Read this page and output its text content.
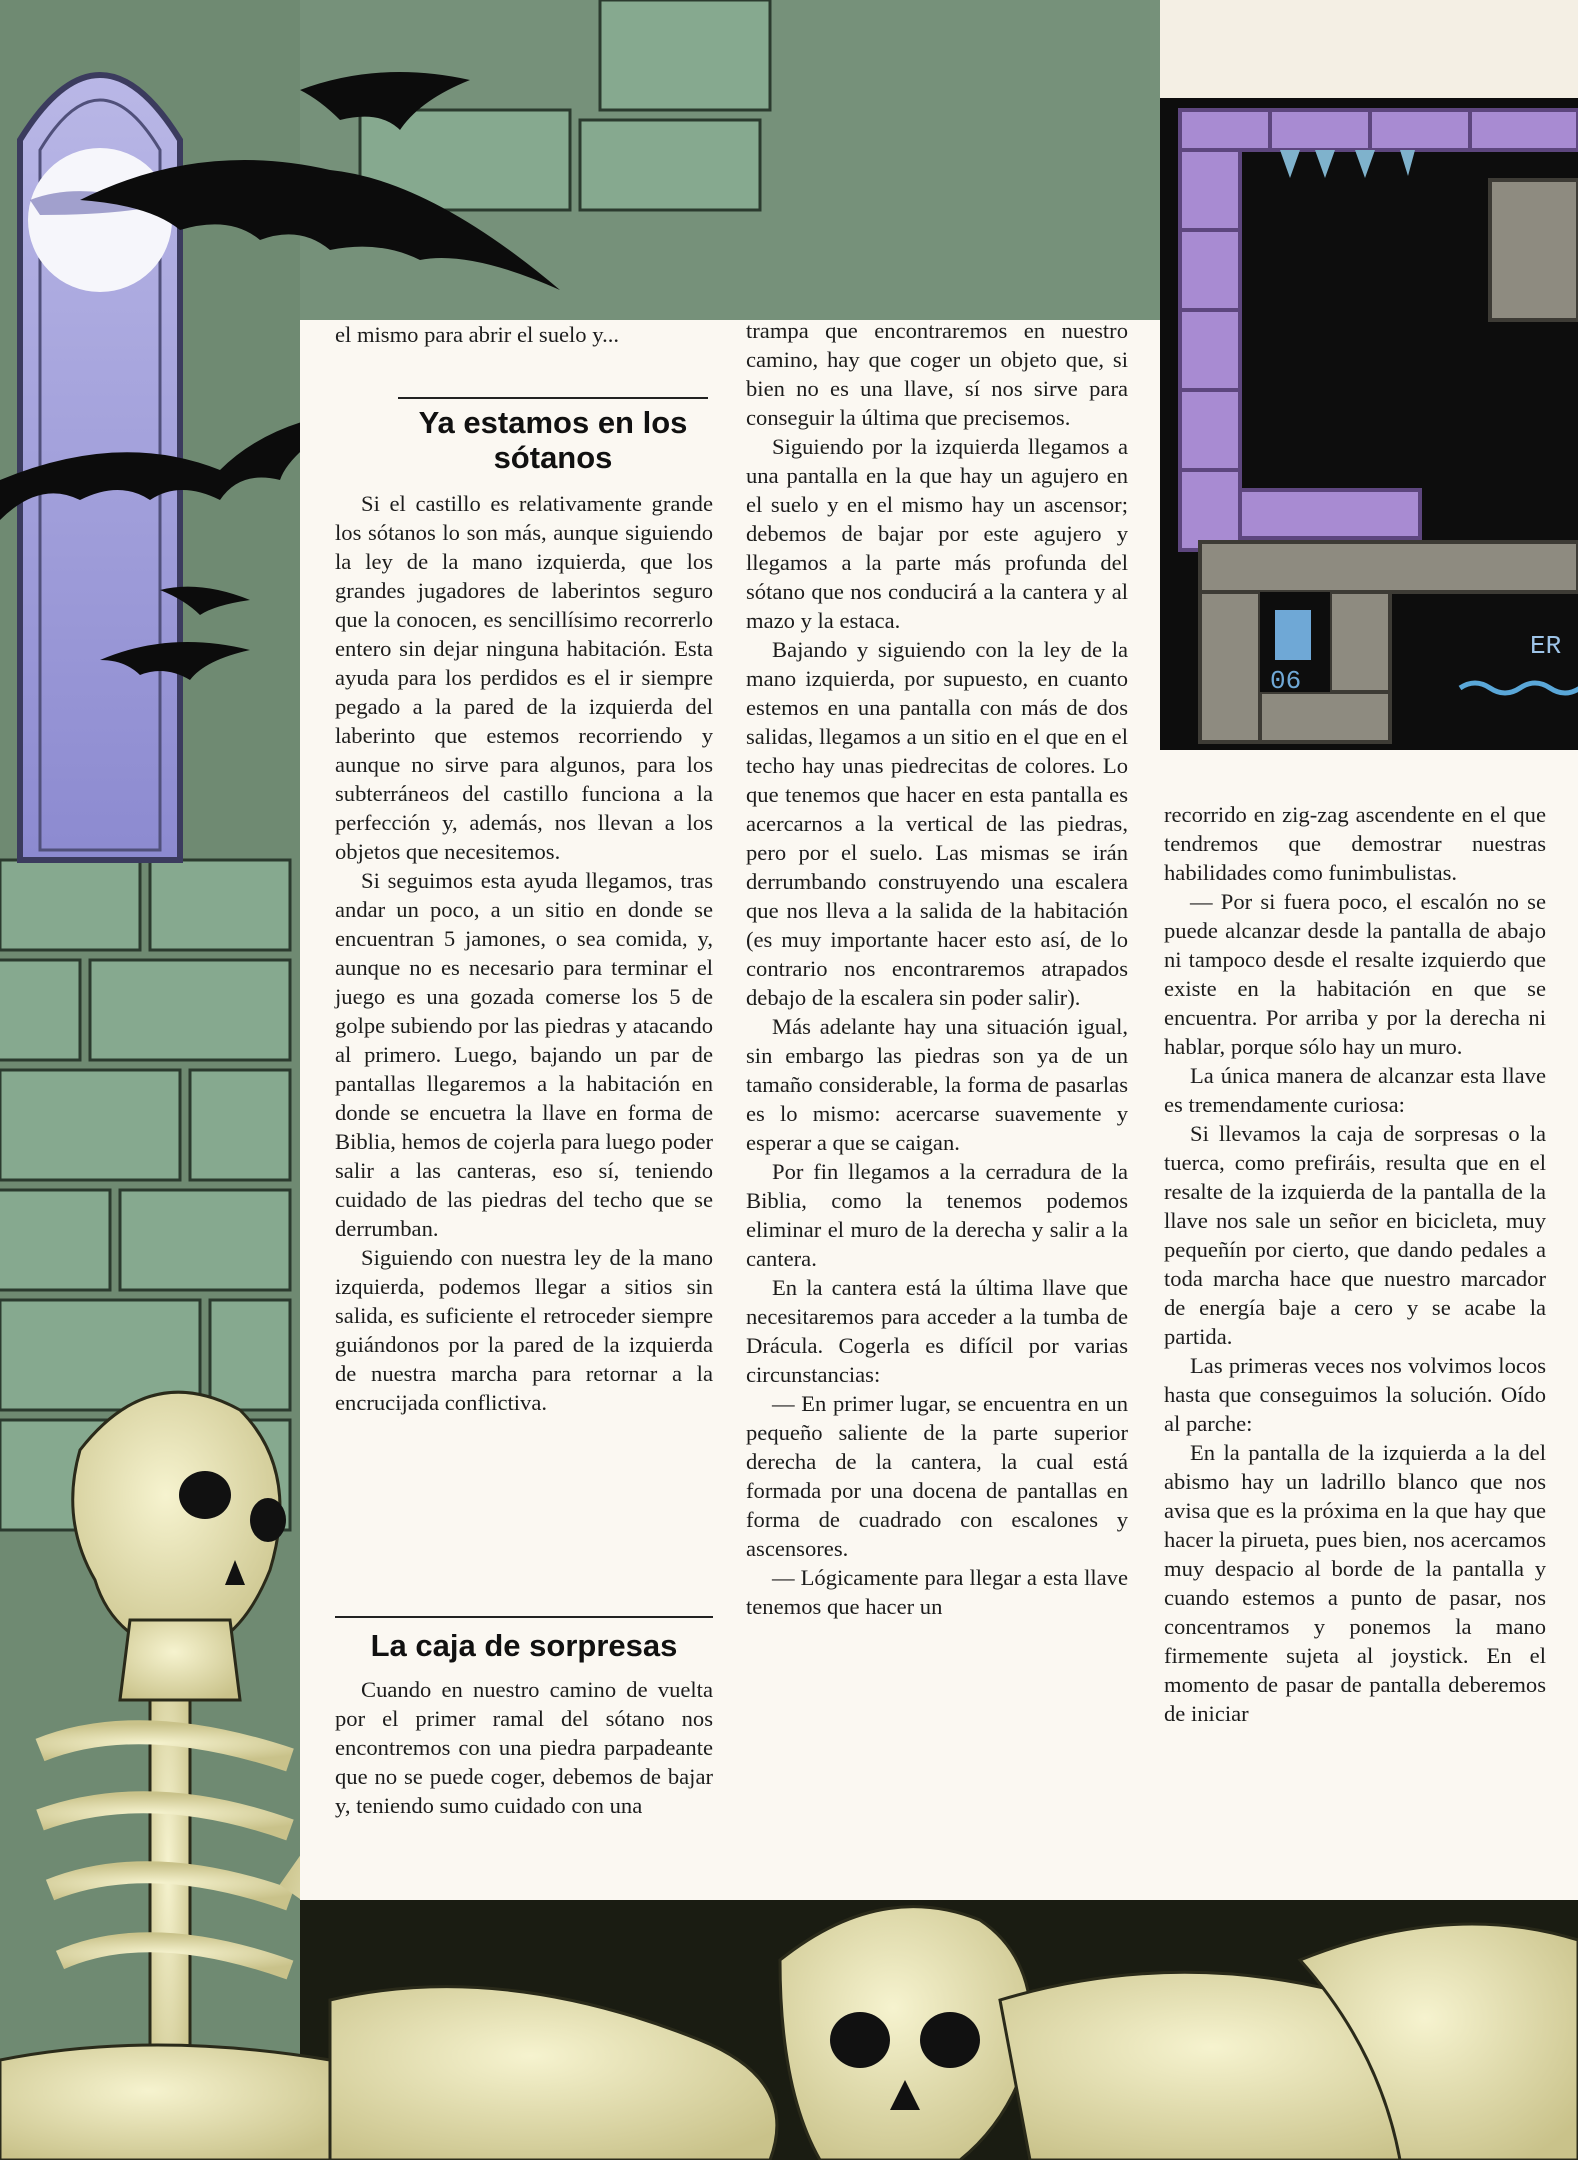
el mismo para abrir el suelo y...

Si el castillo es relativamente grande los sótanos lo son más, aunque siguiendo la ley de la mano izquierda, que los grandes jugadores de laberintos seguro que la conocen, es sencillísimo recorrerlo entero sin dejar ninguna habitación. Esta ayuda para los perdidos es el ir siempre pegado a la pared de la izquierda del laberinto que estemos recorriendo y aunque no sirve para algunos, para los subterráneos del castillo funciona a la perfección y, además, nos llevan a los objetos que necesitemos.

Si seguimos esta ayuda llegamos, tras andar un poco, a un sitio en donde se encuentran 5 jamones, o sea comida, y, aunque no es necesario para terminar el juego es una gozada comerse los 5 de golpe subiendo por las piedras y atacando al primero. Luego, bajando un par de pantallas llegaremos a la habitación en donde se encuetra la llave en forma de Biblia, hemos de cojerla para luego poder salir a las canteras, eso sí, teniendo cuidado de las piedras del techo que se derrumban.

Siguiendo con nuestra ley de la mano izquierda, podemos llegar a sitios sin salida, es suficiente el retroceder siempre guiándonos por la pared de la izquierda de nuestra marcha para retornar a la encrucijada conflictiva.

Ya estamos en los sótanos
La caja de sorpresas

Cuando en nuestro camino de vuelta por el primer ramal del sótano nos encontremos con una piedra parpadeante que no se puede coger, debemos de bajar y, teniendo sumo cuidado con una

trampa que encontraremos en nuestro camino, hay que coger un objeto que, si bien no es una llave, sí nos sirve para conseguir la última que precisemos.

Siguiendo por la izquierda llegamos a una pantalla en la que hay un agujero en el suelo y en el mismo hay un ascensor; debemos de bajar por este agujero y llegamos a la parte más profunda del sótano que nos conducirá a la cantera y al mazo y la estaca.

Bajando y siguiendo con la ley de la mano izquierda, por supuesto, en cuanto estemos en una pantalla con más de dos salidas, llegamos a un sitio en el que en el techo hay unas piedrecitas de colores. Lo que tenemos que hacer en esta pantalla es acercarnos a la vertical de las piedras, pero por el suelo. Las mismas se irán derrumbando construyendo una escalera que nos lleva a la salida de la habitación (es muy importante hacer esto así, de lo contrario nos encontraremos atrapados debajo de la escalera sin poder salir).

Más adelante hay una situación igual, sin embargo las piedras son ya de un tamaño considerable, la forma de pasarlas es lo mismo: acercarse suavemente y esperar a que se caigan.

Por fin llegamos a la cerradura de la Biblia, como la tenemos podemos eliminar el muro de la derecha y salir a la cantera.

En la cantera está la última llave que necesitaremos para acceder a la tumba de Drácula. Cogerla es difícil por varias circunstancias:

— En primer lugar, se encuentra en un pequeño saliente de la parte superior derecha de la cantera, la cual está formada por una docena de pantallas en forma de cuadrado con escalones y ascensores.

— Lógicamente para llegar a esta llave tenemos que hacer un

recorrido en zig-zag ascendente en el que tendremos que demostrar nuestras habilidades como funimbulistas.

— Por si fuera poco, el escalón no se puede alcanzar desde la pantalla de abajo ni tampoco desde el resalte izquierdo que existe en la habitación en que se encuentra. Por arriba y por la derecha ni hablar, porque sólo hay un muro.

La única manera de alcanzar esta llave es tremendamente curiosa:

Si llevamos la caja de sorpresas o la tuerca, como prefiráis, resulta que en el resalte de la izquierda de la pantalla de la llave nos sale un señor en bicicleta, muy pequeñín por cierto, que dando pedales a toda marcha hace que nuestro marcador de energía baje a cero y se acabe la partida.

Las primeras veces nos volvimos locos hasta que conseguimos la solución. Oído al parche:

En la pantalla de la izquierda a la del abismo hay un ladrillo blanco que nos avisa que es la próxima en la que hay que hacer la pirueta, pues bien, nos acercamos muy despacio al borde de la pantalla y cuando estemos a punto de pasar, nos concentramos y ponemos la mano firmemente sujeta al joystick. En el momento de pasar de pantalla deberemos de iniciar

06
ER
